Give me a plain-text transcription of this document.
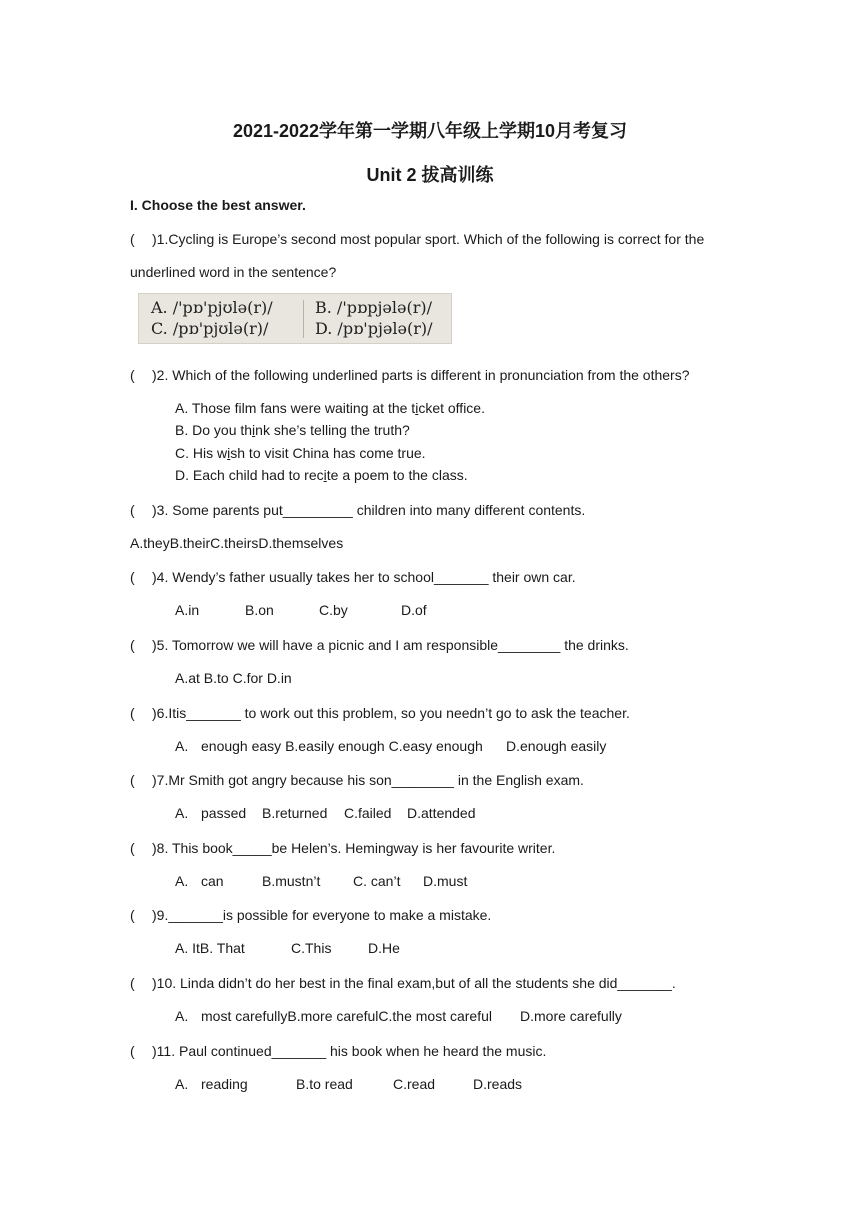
2021-2022学年第一学期八年级上学期10月考复习
Unit 2 拔高训练
I. Choose the best answer.
( )1.Cycling is Europe’s second most popular sport. Which of the following is correct for the
underlined word in the sentence?
A. /'pɒ'pjʊlə(r)/	B. /'pɒpjələ(r)/
C. /pɒ'pjʊlə(r)/	D. /pɒ'pjələ(r)/
( )2. Which of the following underlined parts is different in pronunciation from the others?
A. Those film fans were waiting at the ticket office.
B. Do you think she’s telling the truth?
C. His wish to visit China has come true.
D. Each child had to recite a poem to the class.
( )3. Some parents put_________ children into many different contents.
A.theyB.theirC.theirsD.themselves
( )4. Wendy’s father usually takes her to school_______ their own car.
A.in	B.on	C.by	D.of
( )5. Tomorrow we will have a picnic and I am responsible________ the drinks.
A.at B.to C.for D.in
( )6.Itis_______ to work out this problem, so you needn’t go to ask the teacher.
A. enough easy B.easily enough C.easy enough D.enough easily
( )7.Mr Smith got angry because his son________ in the English exam.
A. passed B.returned C.failed D.attended
( )8. This book_____be Helen’s. Hemingway is her favourite writer.
A. can	B.mustn’t C. can’t D.must
( )9._______is possible for everyone to make a mistake.
A. ItB. That	C.This	D.He
( )10. Linda didn’t do her best in the final exam,but of all the students she did_______.
A. most carefullyB.more carefulC.the most careful D.more carefully
( )11. Paul continued_______ his book when he heard the music.
A. reading	B.to read	C.read	D.reads
